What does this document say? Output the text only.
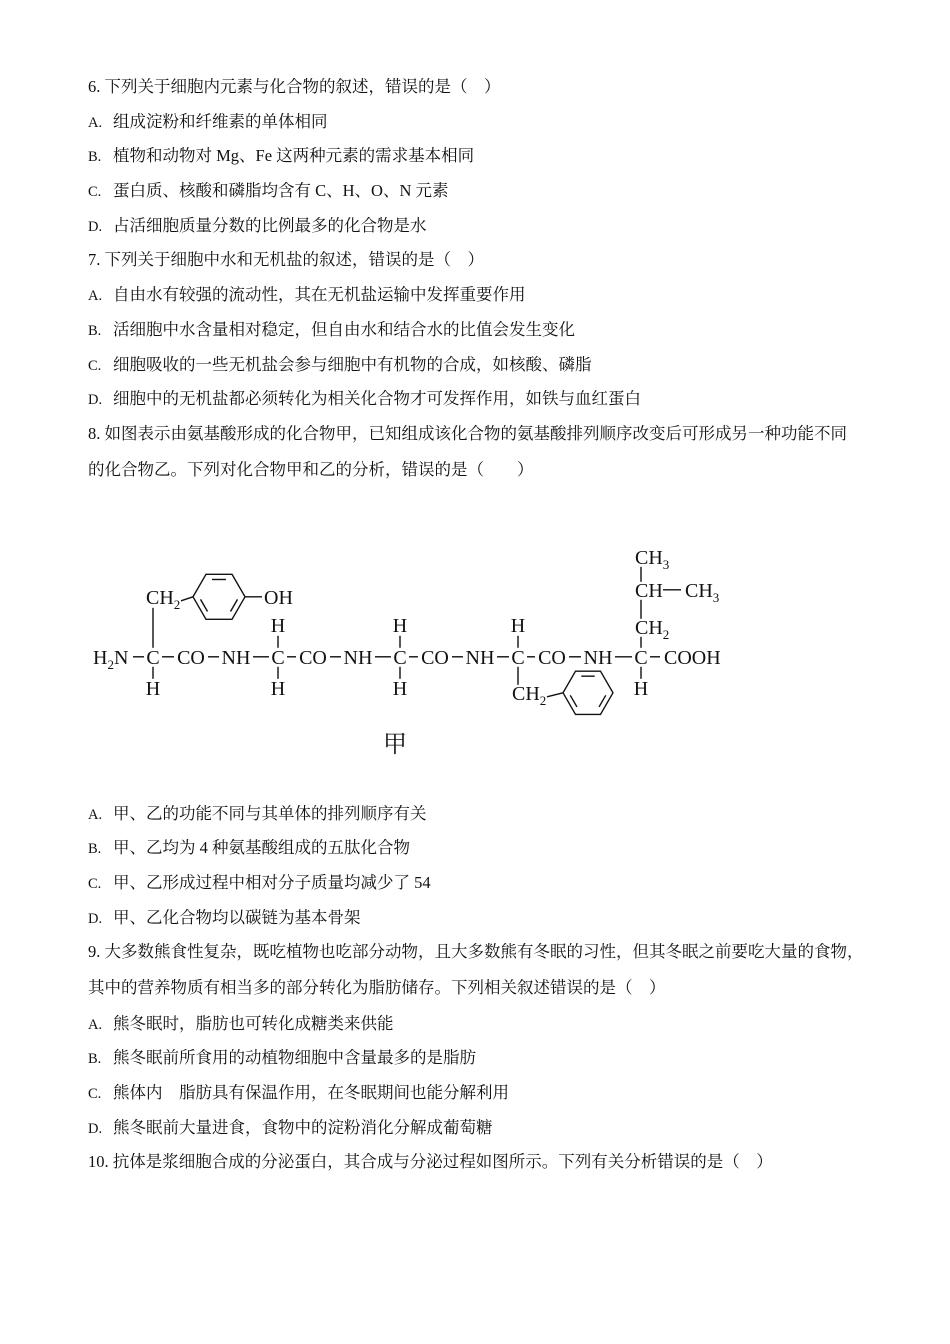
6. 下列关于细胞内元素与化合物的叙述，错误的是（　）
A. 组成淀粉和纤维素的单体相同
B. 植物和动物对 Mg、Fe 这两种元素的需求基本相同
C. 蛋白质、核酸和磷脂均含有 C、H、O、N 元素
D. 占活细胞质量分数的比例最多的化合物是水
7. 下列关于细胞中水和无机盐的叙述，错误的是（　）
A. 自由水有较强的流动性，其在无机盐运输中发挥重要作用
B. 活细胞中水含量相对稳定，但自由水和结合水的比值会发生变化
C. 细胞吸收的一些无机盐会参与细胞中有机物的合成，如核酸、磷脂
D. 细胞中的无机盐都必须转化为相关化合物才可发挥作用，如铁与血红蛋白
8. 如图表示由氨基酸形成的化合物甲，已知组成该化合物的氨基酸排列顺序改变后可形成另一种功能不同
的化合物乙。下列对化合物甲和乙的分析，错误的是（　　）
$H_2N$ C CO NH C CO NH C CO NH C CO NH C COOH
$CH_2$	OH
H
H
H
H
H
H
$CH_2$
$CH_2$
CH $CH_3$
$CH_3$
H
甲
A. 甲、乙的功能不同与其单体的排列顺序有关
B. 甲、乙均为 4 种氨基酸组成的五肽化合物
C. 甲、乙形成过程中相对分子质量均减少了 54
D. 甲、乙化合物均以碳链为基本骨架
9. 大多数熊食性复杂，既吃植物也吃部分动物，且大多数熊有冬眠的习性，但其冬眠之前要吃大量的食物，
其中的营养物质有相当多的部分转化为脂肪储存。下列相关叙述错误的是（　）
A. 熊冬眠时，脂肪也可转化成糖类来供能
B. 熊冬眠前所食用的动植物细胞中含量最多的是脂肪
C. 熊体内　脂肪具有保温作用，在冬眠期间也能分解利用
D. 熊冬眠前大量进食，食物中的淀粉消化分解成葡萄糖
10. 抗体是浆细胞合成的分泌蛋白，其合成与分泌过程如图所示。下列有关分析错误的是（　）
